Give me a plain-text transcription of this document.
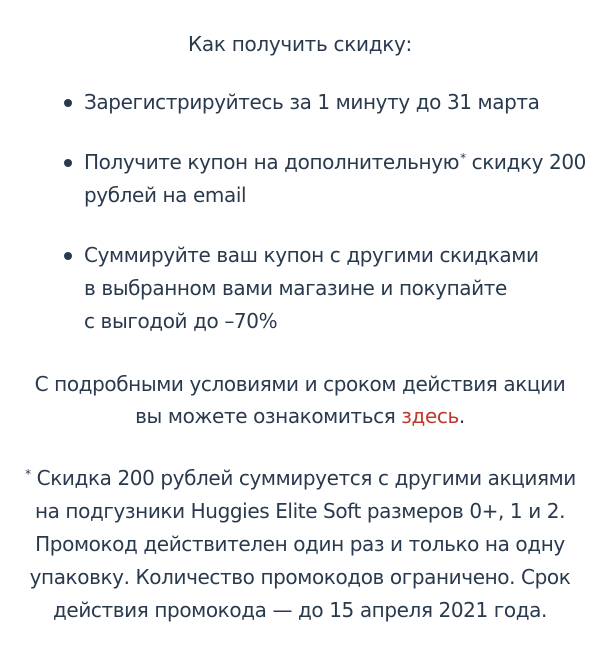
Как получить скидку:
Зарегистрируйтесь за 1 минуту до 31 марта
Получите купон на дополнительную* скидку 200
рублей на email
Суммируйте ваш купон с другими скидками
в выбранном вами магазине и покупайте
с выгодой до –70%
С подробными условиями и сроком действия акции
вы можете ознакомиться здесь.
* Скидка 200 рублей суммируется с другими акциями
на подгузники Huggies Elite Soft размеров 0+, 1 и 2.
Промокод действителен один раз и только на одну
упаковку. Количество промокодов ограничено. Срок
действия промокода — до 15 апреля 2021 года.
